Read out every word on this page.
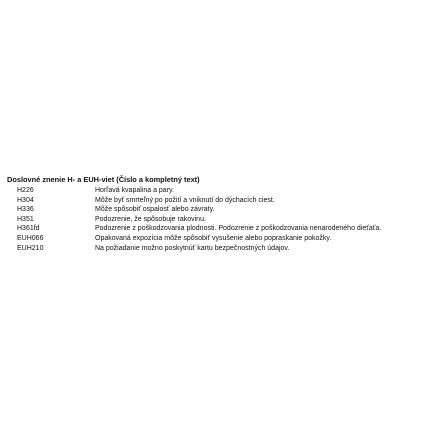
Doslovné znenie H- a EUH-viet (Číslo a kompletný text)
H226	Horľavá kvapalina a pary.
H304	Môže byť smrteľný po požití a vniknutí do dýchacích ciest.
H336	Môže spôsobiť ospalosť alebo závraty.
H351	Podozrenie, že spôsobuje rakovinu.
H361fd	Podozrenie z poškodzovania plodnosti. Podozrenie z poškodzovania nenarodeného dieťaťa.
EUH066	Opakovaná expozícia môže spôsobiť vysušenie alebo popraskanie pokožky.
EUH210	Na požiadanie možno poskytnúť kartu bezpečnostných údajov.
